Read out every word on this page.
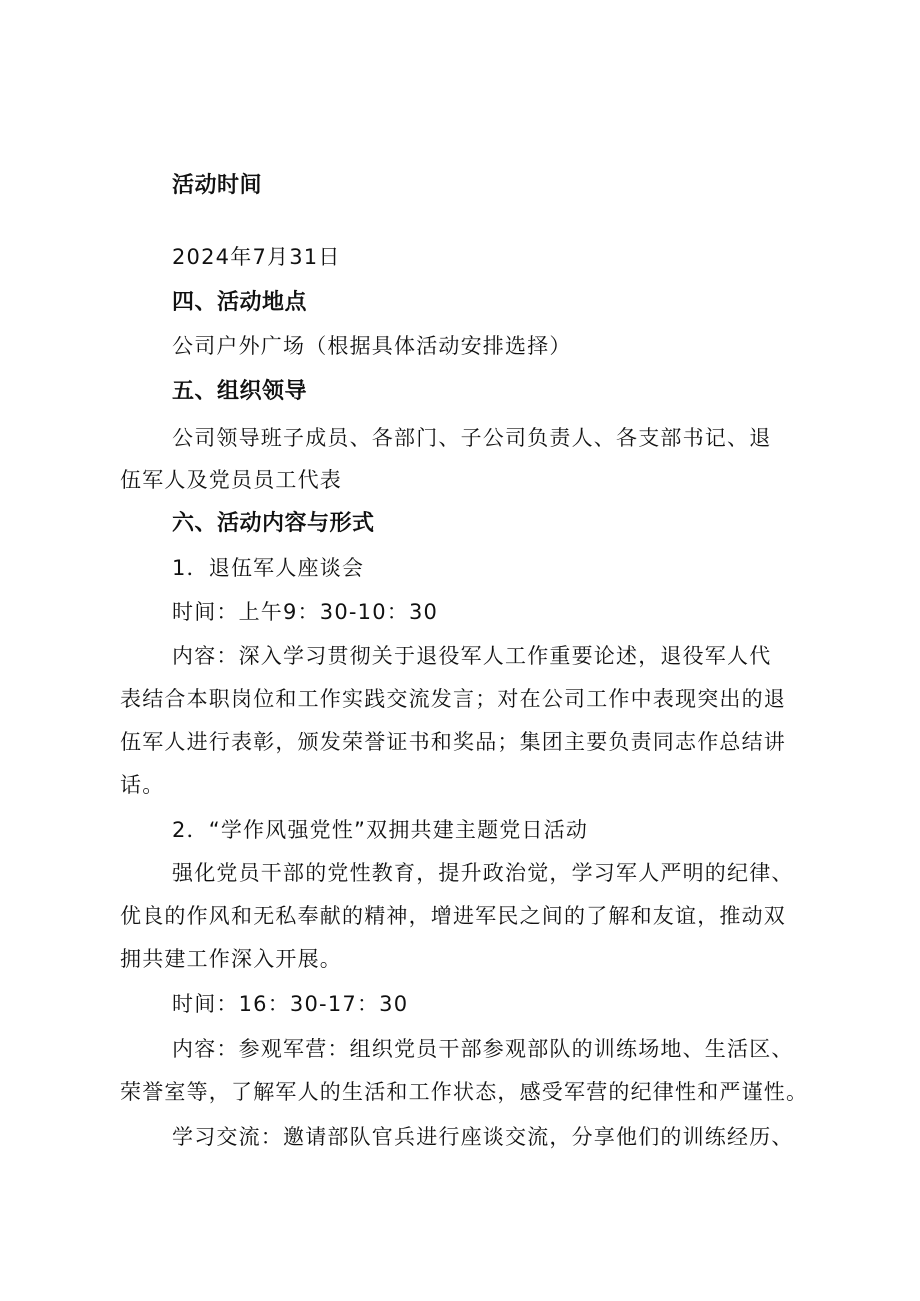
活动时间
2024年7月31日
四、活动地点
公司户外广场（根据具体活动安排选择）
五、组织领导
公司领导班子成员、各部门、子公司负责人、各支部书记、退
伍军人及党员员工代表
六、活动内容与形式
1．退伍军人座谈会
时间：上午9：30-10：30
内容：深入学习贯彻关于退役军人工作重要论述，退役军人代
表结合本职岗位和工作实践交流发言；对在公司工作中表现突出的退
伍军人进行表彰，颁发荣誉证书和奖品；集团主要负责同志作总结讲
话。
2．“学作风强党性”双拥共建主题党日活动
强化党员干部的党性教育，提升政治觉，学习军人严明的纪律、
优良的作风和无私奉献的精神，增进军民之间的了解和友谊，推动双
拥共建工作深入开展。
时间：16：30-17：30
内容：参观军营：组织党员干部参观部队的训练场地、生活区、
荣誉室等，了解军人的生活和工作状态，感受军营的纪律性和严谨性。
学习交流：邀请部队官兵进行座谈交流，分享他们的训练经历、
